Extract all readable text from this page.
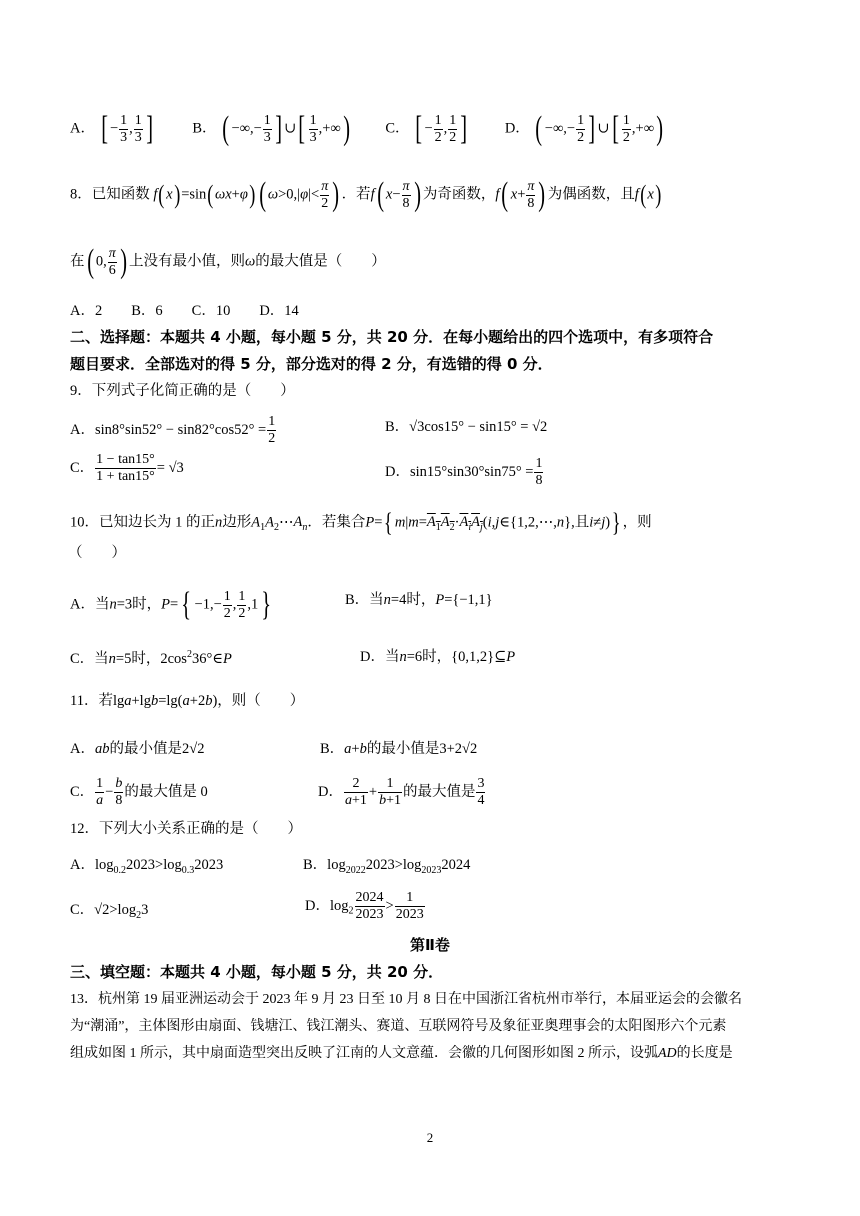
A． [ − $\frac{1}{3}$ , $\frac{1}{3}$ ]	B． ( −∞,− $\frac{1}{3}$ ] ∪[ $\frac{1}{3}$ ,+∞) C． [ − $\frac{1}{2}$ , $\frac{1}{2}$ ]	D． ( −∞,− $\frac{1}{2}$ ] ∪[ $\frac{1}{2}$ ,+∞)
8．已知函数 f(x)=sin(ωx+φ) ( $\omega>0,|\varphi|< \frac{\pi}{2}$ ) ．若f( $x- \frac{\pi}{8}$ ) 为奇函数，f( $x+ \frac{\pi}{8}$ ) 为偶函数，且f(x)
在( 0, $\frac{\pi}{6}$ ) 上没有最小值，则ω的最大值是（　　）
A．2　　B．6　　C．10　　D．14
二、选择题：本题共 4 小题，每小题 5 分，共 20 分．在每小题给出的四个选项中，有多项符合
题目要求．全部选对的得 5 分，部分选对的得 2 分，有选错的得 0 分．
9．下列式子化简正确的是（　　）
A．$\sin 8^\circ\sin 52^\circ - \sin 82^\circ\cos 52^\circ = \frac{1}{2}$	B．√3cos15° − sin15° = √2
C． $\frac{1 - \tan 15^\circ}{1 + \tan 15^\circ} = √3$	D．$\sin 15^\circ\sin 30^\circ\sin 75^\circ = \frac{1}{8}$
10．已知边长为 1 的正n边形$A_1A_2\cdots A_n$．若集合P={ $m|m=A_1A_2\cdot A_iA_j(i,j\in\{1,2,\cdots,n\}$,且i≠j)} ，则
（　　）
A．当n=3时，$P=\{ -1,- \frac{1}{2}$ , $\frac{1}{2} ,1$}	B．当n=4时，P={−1,1}
C．当n=5时，$2\cos^236^\circ\in P$	D．当n=6时，{0,1,2}⊆P
11．若lga+lgb=lg(a+2b)，则（　　）
A．ab的最小值是2√2	B．a+b的最小值是3+2√2
C． $\frac{1}{a} - \frac{b}{8}$ 的最大值是 0	D． $\frac{2}{a+1} + \frac{1}{b+1}$ 的最大值是 $\frac{3}{4}$
12．下列大小关系正确的是（　　）
A．$\log_{0.2}2023>\log_{0.3}2023$	B．$\log_{2022}2023>\log_{2023}2024$
C．$√2>\log_23$	D．$\log_2 \frac{2024}{2023} > \frac{1}{2023}$
第Ⅱ卷
三、填空题：本题共 4 小题，每小题 5 分，共 20 分．
13．杭州第 19 届亚洲运动会于 2023 年 9 月 23 日至 10 月 8 日在中国浙江省杭州市举行，本届亚运会的会徽名
为“潮涌”，主体图形由扇面、钱塘江、钱江潮头、赛道、互联网符号及象征亚奥理事会的太阳图形六个元素
组成如图 1 所示，其中扇面造型突出反映了江南的人文意蕴．会徽的几何图形如图 2 所示，设弧AD的长度是
2
